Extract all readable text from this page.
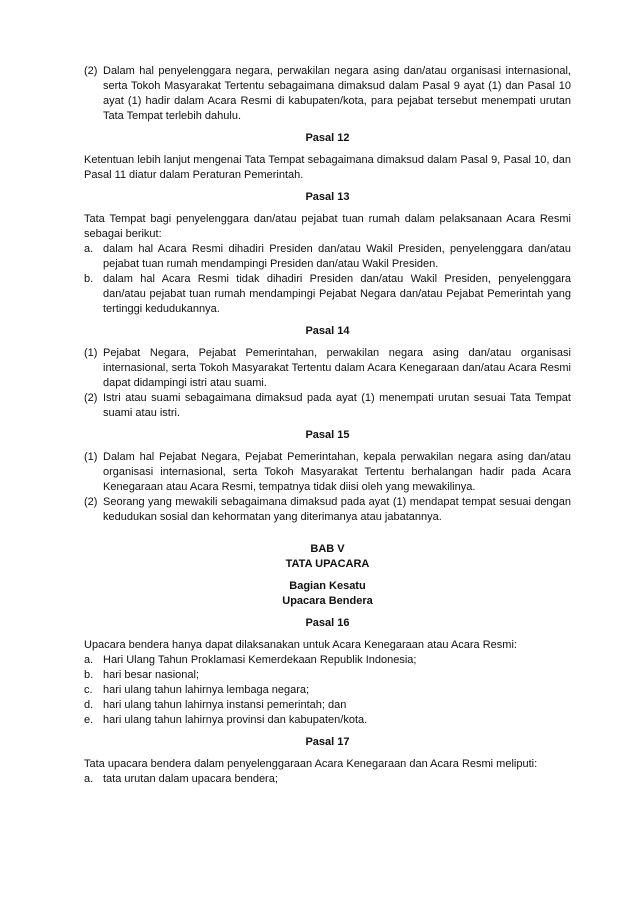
(2) Dalam hal penyelenggara negara, perwakilan negara asing dan/atau organisasi internasional, serta Tokoh Masyarakat Tertentu sebagaimana dimaksud dalam Pasal 9 ayat (1) dan Pasal 10 ayat (1) hadir dalam Acara Resmi di kabupaten/kota, para pejabat tersebut menempati urutan Tata Tempat terlebih dahulu.
Pasal 12
Ketentuan lebih lanjut mengenai Tata Tempat sebagaimana dimaksud dalam Pasal 9, Pasal 10, dan Pasal 11 diatur dalam Peraturan Pemerintah.
Pasal 13
Tata Tempat bagi penyelenggara dan/atau pejabat tuan rumah dalam pelaksanaan Acara Resmi sebagai berikut:
a. dalam hal Acara Resmi dihadiri Presiden dan/atau Wakil Presiden, penyelenggara dan/atau pejabat tuan rumah mendampingi Presiden dan/atau Wakil Presiden.
b. dalam hal Acara Resmi tidak dihadiri Presiden dan/atau Wakil Presiden, penyelenggara dan/atau pejabat tuan rumah mendampingi Pejabat Negara dan/atau Pejabat Pemerintah yang tertinggi kedudukannya.
Pasal 14
(1) Pejabat Negara, Pejabat Pemerintahan, perwakilan negara asing dan/atau organisasi internasional, serta Tokoh Masyarakat Tertentu dalam Acara Kenegaraan dan/atau Acara Resmi dapat didampingi istri atau suami.
(2) Istri atau suami sebagaimana dimaksud pada ayat (1) menempati urutan sesuai Tata Tempat suami atau istri.
Pasal 15
(1) Dalam hal Pejabat Negara, Pejabat Pemerintahan, kepala perwakilan negara asing dan/atau organisasi internasional, serta Tokoh Masyarakat Tertentu berhalangan hadir pada Acara Kenegaraan atau Acara Resmi, tempatnya tidak diisi oleh yang mewakilinya.
(2) Seorang yang mewakili sebagaimana dimaksud pada ayat (1) mendapat tempat sesuai dengan kedudukan sosial dan kehormatan yang diterimanya atau jabatannya.
BAB V
TATA UPACARA
Bagian Kesatu
Upacara Bendera
Pasal 16
Upacara bendera hanya dapat dilaksanakan untuk Acara Kenegaraan atau Acara Resmi:
a. Hari Ulang Tahun Proklamasi Kemerdekaan Republik Indonesia;
b. hari besar nasional;
c. hari ulang tahun lahirnya lembaga negara;
d. hari ulang tahun lahirnya instansi pemerintah; dan
e. hari ulang tahun lahirnya provinsi dan kabupaten/kota.
Pasal 17
Tata upacara bendera dalam penyelenggaraan Acara Kenegaraan dan Acara Resmi meliputi:
a. tata urutan dalam upacara bendera;
